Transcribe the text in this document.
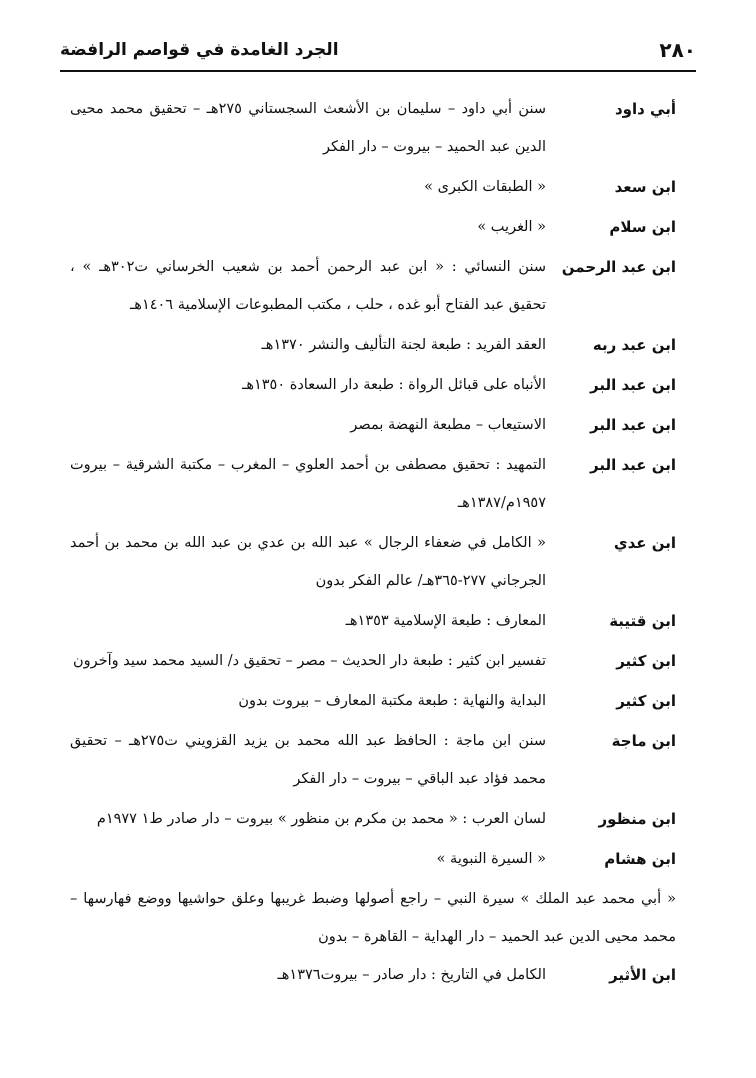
الجرد الغامدة في قواصم الرافضة	٢٨٠
أبي داود
سنن أبي داود – سليمان بن الأشعث السجستاني ٢٧٥هـ – تحقيق محمد محيى الدين عبد الحميد – بيروت – دار الفكر
ابن سعد
« الطبقات الكبرى »
ابن سلام
« الغريب »
ابن عبد الرحمن
سنن النسائي : « ابن عبد الرحمن أحمد بن شعيب الخرساني ت٣٠٢هـ » ، تحقيق عبد الفتاح أبو غده ، حلب ، مكتب المطبوعات الإسلامية ١٤٠٦هـ
ابن عبد ربه
العقد الفريد : طبعة لجنة التأليف والنشر ١٣٧٠هـ
ابن عبد البر
الأنباه على قبائل الرواة : طبعة دار السعادة ١٣٥٠هـ
ابن عبد البر
الاستيعاب – مطبعة النهضة بمصر
ابن عبد البر
التمهيد : تحقيق مصطفى بن أحمد العلوي – المغرب – مكتبة الشرقية – بيروت ١٩٥٧م/١٣٨٧هـ
ابن عدي
« الكامل في ضعفاء الرجال » عبد الله بن عدي بن عبد الله بن محمد بن أحمد الجرجاني ٢٧٧-٣٦٥هـ/ عالم الفكر بدون
ابن قتيبة
المعارف : طبعة الإسلامية ١٣٥٣هـ
ابن كثير
تفسير ابن كثير : طبعة دار الحديث – مصر – تحقيق د/ السيد محمد سيد وآخرون
ابن كثير
البداية والنهاية : طبعة مكتبة المعارف – بيروت بدون
ابن ماجة
سنن ابن ماجة : الحافظ عبد الله محمد بن يزيد القزويني ت٢٧٥هـ – تحقيق محمد فؤاد عبد الباقي – بيروت – دار الفكر
ابن منظور
لسان العرب : « محمد بن مكرم بن منظور » بيروت – دار صادر ط١ ١٩٧٧م
ابن هشام
« السيرة النبوية »
« أبي محمد عبد الملك » سيرة النبي – راجع أصولها وضبط غريبها وعلق حواشيها ووضع فهارسها – محمد محيى الدين عبد الحميد – دار الهداية – القاهرة – بدون
ابن الأثير
الكامل في التاريخ : دار صادر – بيروت١٣٧٦هـ
